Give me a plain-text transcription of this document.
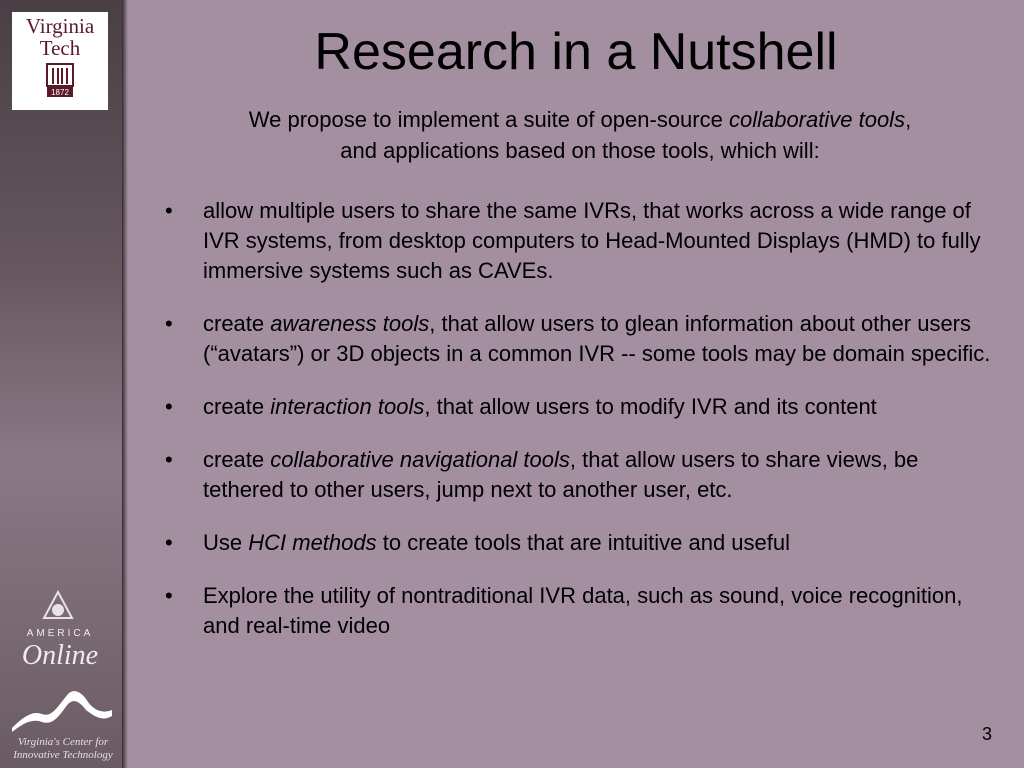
Virginia
Tech
1872
AMERICA
Online
Virginia's Center for
Innovative Technology
Research in a Nutshell
We propose to implement a suite of open-source collaborative tools, and applications based on those tools, which will:
• allow multiple users to share the same IVRs, that works across a wide range of IVR systems, from desktop computers to Head-Mounted Displays (HMD) to fully immersive systems such as CAVEs.
• create awareness tools, that allow users to glean information about other users (“avatars”) or 3D objects in a common IVR -- some tools may be domain specific.
• create interaction tools, that allow users to modify IVR and its content
• create collaborative navigational tools, that allow users to share views, be tethered to other users, jump next to another user, etc.
• Use HCI methods to create tools that are intuitive and useful
• Explore the utility of nontraditional IVR data, such as sound, voice recognition, and real-time video
3
